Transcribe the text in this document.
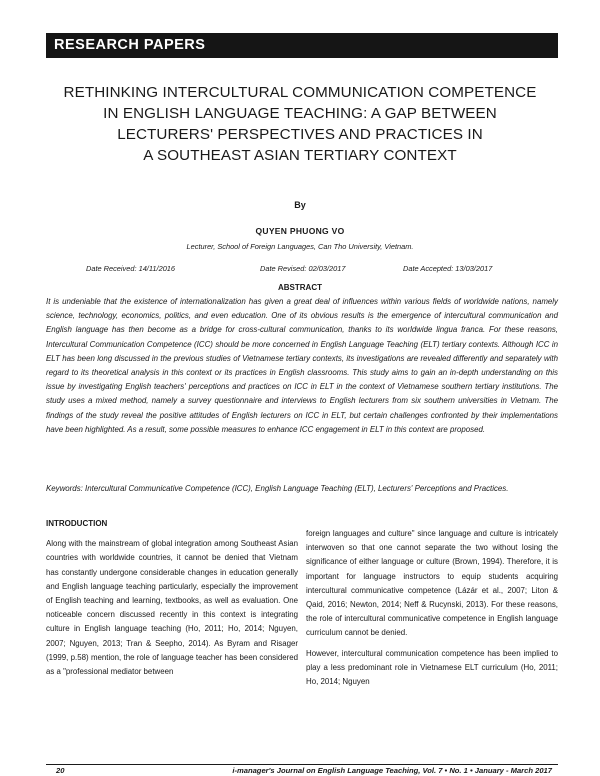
RESEARCH PAPERS
RETHINKING INTERCULTURAL COMMUNICATION COMPETENCE
IN ENGLISH LANGUAGE TEACHING: A GAP BETWEEN
LECTURERS' PERSPECTIVES AND PRACTICES IN
A SOUTHEAST ASIAN TERTIARY CONTEXT
By
QUYEN PHUONG VO
Lecturer, School of Foreign Languages, Can Tho University, Vietnam.
Date Received: 14/11/2016	Date Revised: 02/03/2017	Date Accepted: 13/03/2017
ABSTRACT
It is undeniable that the existence of internationalization has given a great deal of influences within various fields of worldwide nations, namely science, technology, economics, politics, and even education. One of its obvious results is the emergence of intercultural communication and English language has then become as a bridge for cross-cultural communication, thanks to its worldwide lingua franca. For these reasons, Intercultural Communication Competence (ICC) should be more concerned in English Language Teaching (ELT) tertiary contexts. Although ICC in ELT has been long discussed in the previous studies of Vietnamese tertiary contexts, its investigations are revealed differently and separately with regard to its theoretical analysis in this context or its practices in English classrooms. This study aims to gain an in-depth understanding on this issue by investigating English teachers' perceptions and practices on ICC in ELT in the context of Vietnamese southern tertiary institutions. The study uses a mixed method, namely a survey questionnaire and interviews to English lecturers from six southern universities in Vietnam. The findings of the study reveal the positive attitudes of English lecturers on ICC in ELT, but certain challenges confronted by their implementations have been highlighted. As a result, some possible measures to enhance ICC engagement in ELT in this context are proposed.
Keywords: Intercultural Communicative Competence (ICC), English Language Teaching (ELT), Lecturers' Perceptions and Practices.
INTRODUCTION

Along with the mainstream of global integration among Southeast Asian countries with worldwide countries, it cannot be denied that Vietnam has constantly undergone considerable changes in education generally and English language teaching particularly, especially the improvement of English teaching and learning, textbooks, as well as evaluation. One noticeable concern discussed recently in this context is integrating culture in English language teaching (Ho, 2011; Ho, 2014; Nguyen, 2007; Nguyen, 2013; Tran & Seepho, 2014). As Byram and Risager (1999, p.58) mention, the role of language teacher has been considered as a "professional mediator between

foreign languages and culture" since language and culture is intricately interwoven so that one cannot separate the two without losing the significance of either language or culture (Brown, 1994). Therefore, it is important for language instructors to equip students acquiring intercultural communicative competence (Lázár et al., 2007; Liton & Qaid, 2016; Newton, 2014; Neff & Rucynski, 2013). For these reasons, the role of intercultural communicative competence in English language curriculum cannot be denied.

However, intercultural communication competence has been implied to play a less predominant role in Vietnamese ELT curriculum (Ho, 2011; Ho, 2014; Nguyen

20	i-manager's Journal on English Language Teaching, Vol. 7 • No. 1 • January - March 2017
